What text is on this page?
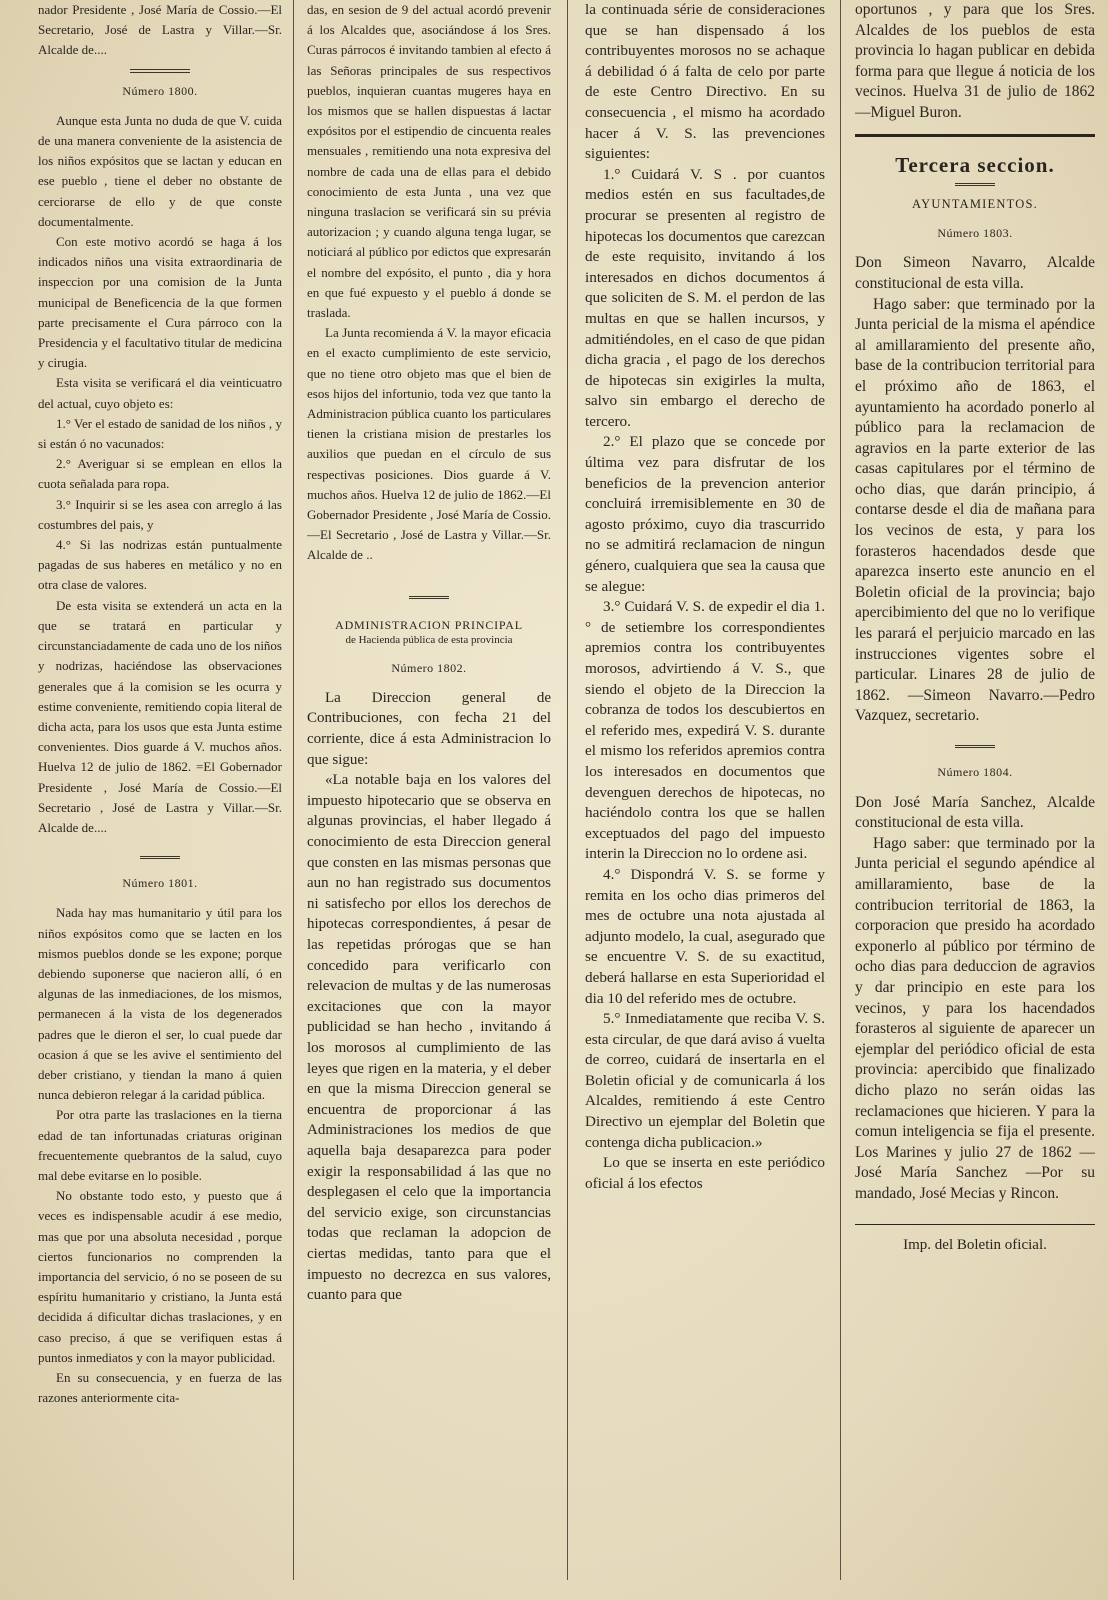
nador Presidente , José María de Cossio.—El Secretario, José de Lastra y Villar.—Sr. Alcalde de....

Número 1800.

Aunque esta Junta no duda de que V. cuida de una manera conveniente de la asistencia de los niños expósitos que se lactan y educan en ese pueblo , tiene el deber no obstante de cerciorarse de ello y de que conste documentalmente.

Con este motivo acordó se haga á los indicados niños una visita extraordinaria de inspeccion por una comision de la Junta municipal de Beneficencia de la que formen parte precisamente el Cura párroco con la Presidencia y el facultativo titular de medicina y cirugia.

Esta visita se verificará el dia veinticuatro del actual, cuyo objeto es:

1.° Ver el estado de sanidad de los niños , y si están ó no vacunados:

2.° Averiguar si se emplean en ellos la cuota señalada para ropa.

3.° Inquirir si se les asea con arreglo á las costumbres del pais, y

4.° Si las nodrizas están puntualmente pagadas de sus haberes en metálico y no en otra clase de valores.

De esta visita se extenderá un acta en la que se tratará en particular y circunstanciadamente de cada uno de los niños y nodrizas, haciéndose las observaciones generales que á la comision se les ocurra y estime conveniente, remitiendo copia literal de dicha acta, para los usos que esta Junta estime convenientes. Dios guarde á V. muchos años. Huelva 12 de julio de 1862. =El Gobernador Presidente , José María de Cossio.—El Secretario , José de Lastra y Villar.—Sr. Alcalde de....

Número 1801.

Nada hay mas humanitario y útil para los niños expósitos como que se lacten en los mismos pueblos donde se les expone; porque debiendo suponerse que nacieron allí, ó en algunas de las inmediaciones, de los mismos, permanecen á la vista de los degenerados padres que le dieron el ser, lo cual puede dar ocasion á que se les avive el sentimiento del deber cristiano, y tiendan la mano á quien nunca debieron relegar á la caridad pública.

Por otra parte las traslaciones en la tierna edad de tan infortunadas criaturas originan frecuentemente quebrantos de la salud, cuyo mal debe evitarse en lo posible.

No obstante todo esto, y puesto que á veces es indispensable acudir á ese medio, mas que por una absoluta necesidad , porque ciertos funcionarios no comprenden la importancia del servicio, ó no se poseen de su espíritu humanitario y cristiano, la Junta está decidida á dificultar dichas traslaciones, y en caso preciso, á que se verifiquen estas á puntos inmediatos y con la mayor publicidad.

En su consecuencia, y en fuerza de las razones anteriormente cita-

das, en sesion de 9 del actual acordó prevenir á los Alcaldes que, asociándose á los Sres. Curas párrocos é invitando tambien al efecto á las Señoras principales de sus respectivos pueblos, inquieran cuantas mugeres haya en los mismos que se hallen dispuestas á lactar expósitos por el estipendio de cincuenta reales mensuales , remitiendo una nota expresiva del nombre de cada una de ellas para el debido conocimiento de esta Junta , una vez que ninguna traslacion se verificará sin su prévia autorizacion ; y cuando alguna tenga lugar, se noticiará al público por edictos que expresarán el nombre del expósito, el punto , dia y hora en que fué expuesto y el pueblo á donde se traslada.

La Junta recomienda á V. la mayor eficacia en el exacto cumplimiento de este servicio, que no tiene otro objeto mas que el bien de esos hijos del infortunio, toda vez que tanto la Administracion pública cuanto los particulares tienen la cristiana mision de prestarles los auxilios que puedan en el círculo de sus respectivas posiciones. Dios guarde á V. muchos años. Huelva 12 de julio de 1862.—El Gobernador Presidente , José María de Cossio.—El Secretario , José de Lastra y Villar.—Sr. Alcalde de ..

ADMINISTRACION PRINCIPAL
de Hacienda pública de esta provincia
Número 1802.

La Direccion general de Contribuciones, con fecha 21 del corriente, dice á esta Administracion lo que sigue:

«La notable baja en los valores del impuesto hipotecario que se observa en algunas provincias, el haber llegado á conocimiento de esta Direccion general que consten en las mismas personas que aun no han registrado sus documentos ni satisfecho por ellos los derechos de hipotecas correspondientes, á pesar de las repetidas prórogas que se han concedido para verificarlo con relevacion de multas y de las numerosas excitaciones que con la mayor publicidad se han hecho , invitando á los morosos al cumplimiento de las leyes que rigen en la materia, y el deber en que la misma Direccion general se encuentra de proporcionar á las Administraciones los medios de que aquella baja desaparezca para poder exigir la responsabilidad á las que no desplegasen el celo que la importancia del servicio exige, son circunstancias todas que reclaman la adopcion de ciertas medidas, tanto para que el impuesto no decrezca en sus valores, cuanto para que

la continuada série de consideraciones que se han dispensado á los contribuyentes morosos no se achaque á debilidad ó á falta de celo por parte de este Centro Directivo. En su consecuencia , el mismo ha acordado hacer á V. S. las prevenciones siguientes:

1.° Cuidará V. S . por cuantos medios estén en sus facultades,de procurar se presenten al registro de hipotecas los documentos que carezcan de este requisito, invitando á los interesados en dichos documentos á que soliciten de S. M. el perdon de las multas en que se hallen incursos, y admitiéndoles, en el caso de que pidan dicha gracia , el pago de los derechos de hipotecas sin exigirles la multa, salvo sin embargo el derecho de tercero.

2.° El plazo que se concede por última vez para disfrutar de los beneficios de la prevencion anterior concluirá irremisiblemente en 30 de agosto próximo, cuyo dia trascurrido no se admitirá reclamacion de ningun género, cualquiera que sea la causa que se alegue:

3.° Cuidará V. S. de expedir el dia 1.° de setiembre los correspondientes apremios contra los contribuyentes morosos, advirtiendo á V. S., que siendo el objeto de la Direccion la cobranza de todos los descubiertos en el referido mes, expedirá V. S. durante el mismo los referidos apremios contra los interesados en documentos que devenguen derechos de hipotecas, no haciéndolo contra los que se hallen exceptuados del pago del impuesto interin la Direccion no lo ordene asi.

4.° Dispondrá V. S. se forme y remita en los ocho dias primeros del mes de octubre una nota ajustada al adjunto modelo, la cual, asegurado que se encuentre V. S. de su exactitud, deberá hallarse en esta Superioridad el dia 10 del referido mes de octubre.

5.° Inmediatamente que reciba V. S. esta circular, de que dará aviso á vuelta de correo, cuidará de insertarla en el Boletin oficial y de comunicarla á los Alcaldes, remitiendo á este Centro Directivo un ejemplar del Boletin que contenga dicha publicacion.»

Lo que se inserta en este periódico oficial á los efectos

oportunos , y para que los Sres. Alcaldes de los pueblos de esta provincia lo hagan publicar en debida forma para que llegue á noticia de los vecinos. Huelva 31 de julio de 1862 —Miguel Buron.

Tercera seccion.
AYUNTAMIENTOS.
Número 1803.

Don Simeon Navarro, Alcalde constitucional de esta villa.

Hago saber: que terminado por la Junta pericial de la misma el apéndice al amillaramiento del presente año, base de la contribucion territorial para el próximo año de 1863, el ayuntamiento ha acordado ponerlo al público para la reclamacion de agravios en la parte exterior de las casas capitulares por el término de ocho dias, que darán principio, á contarse desde el dia de mañana para los vecinos de esta, y para los forasteros hacendados desde que aparezca inserto este anuncio en el Boletin oficial de la provincia; bajo apercibimiento del que no lo verifique les parará el perjuicio marcado en las instrucciones vigentes sobre el particular. Linares 28 de julio de 1862. —Simeon Navarro.—Pedro Vazquez, secretario.

Número 1804.

Don José María Sanchez, Alcalde constitucional de esta villa.

Hago saber: que terminado por la Junta pericial el segundo apéndice al amillaramiento, base de la contribucion territorial de 1863, la corporacion que presido ha acordado exponerlo al público por término de ocho dias para deduccion de agravios y dar principio en este para los vecinos, y para los hacendados forasteros al siguiente de aparecer un ejemplar del periódico oficial de esta provincia: apercibido que finalizado dicho plazo no serán oidas las reclamaciones que hicieren. Y para la comun inteligencia se fija el presente. Los Marines y julio 27 de 1862 —José María Sanchez —Por su mandado, José Mecias y Rincon.

Imp. del Boletin oficial.
